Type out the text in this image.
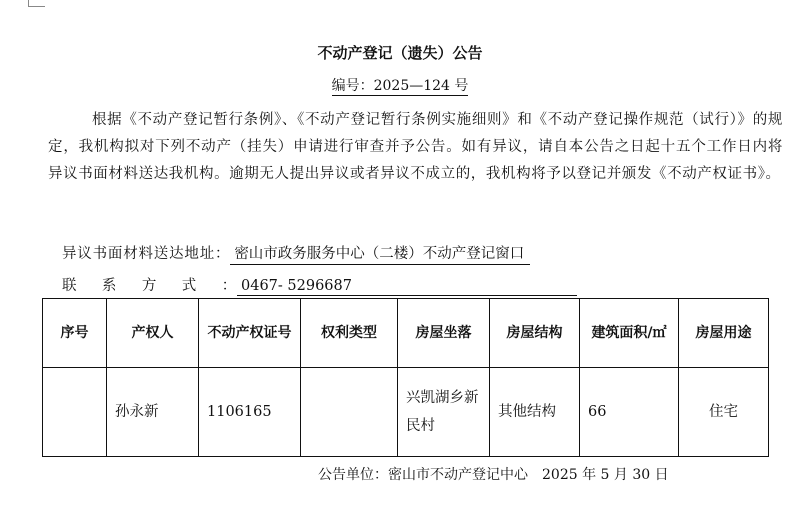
不动产登记（遗失）公告
编号：2025—124 号

根据《不动产登记暂行条例》、《不动产登记暂行条例实施细则》和《不动产登记操作规范（试行）》的规定，我机构拟对下列不动产（挂失）申请进行审查并予公告。如有异议，请自本公告之日起十五个工作日内将异议书面材料送达我机构。逾期无人提出异议或者异议不成立的，我机构将予以登记并颁发《不动产权证书》。

异议书面材料送达地址： 密山市政务服务中心（二楼）不动产登记窗口
联系方式： 0467- 5296687
序号	产权人	不动产权证号	权利类型	房屋坐落	房屋结构	建筑面积/㎡	房屋用途
	孙永新	1106165		兴凯湖乡新民村	其他结构	66	住宅
公告单位：密山市不动产登记中心　2025 年 5 月 30 日
